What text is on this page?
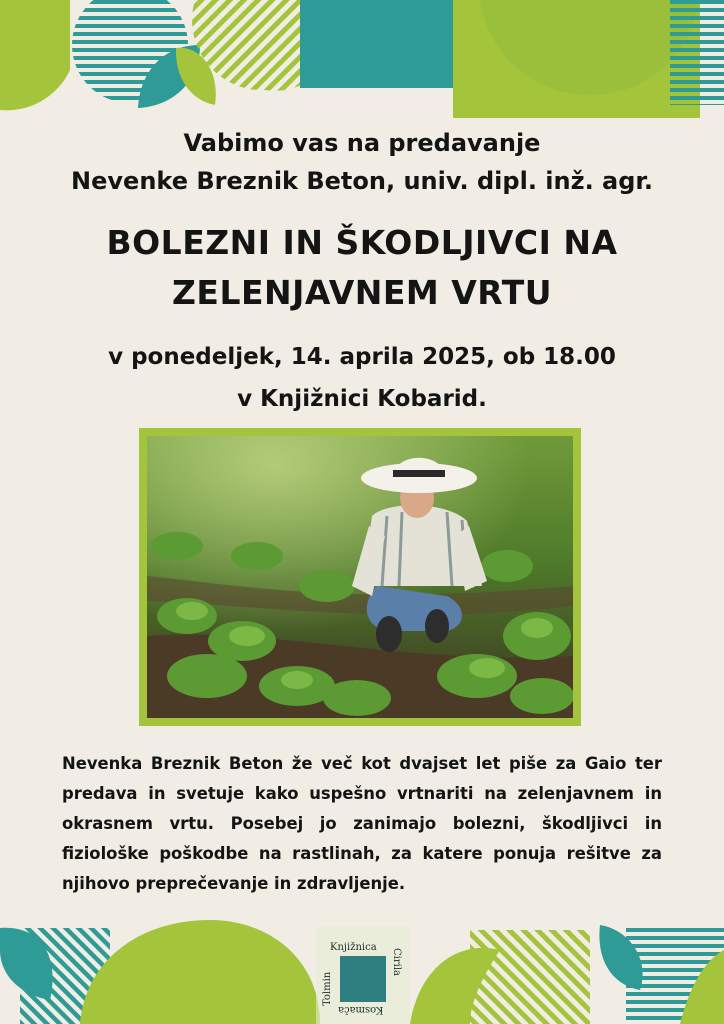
Vabimo vas na predavanje
Nevenke Breznik Beton, univ. dipl. inž. agr.
BOLEZNI IN ŠKODLJIVCI NA
ZELENJAVNEM VRTU
v ponedeljek, 14. aprila 2025, ob 18.00
v Knjižnici Kobarid.
Nevenka Breznik Beton že več kot dvajset let piše za Gaio ter
predava in svetuje kako uspešno vrtnariti na zelenjavnem in
okrasnem vrtu. Posebej jo zanimajo bolezni, škodljivci in
fiziološke poškodbe na rastlinah, za katere ponuja rešitve za
njihovo preprečevanje in zdravljenje.
Knjižnica
Cirila
Kosmača
Tolmin
